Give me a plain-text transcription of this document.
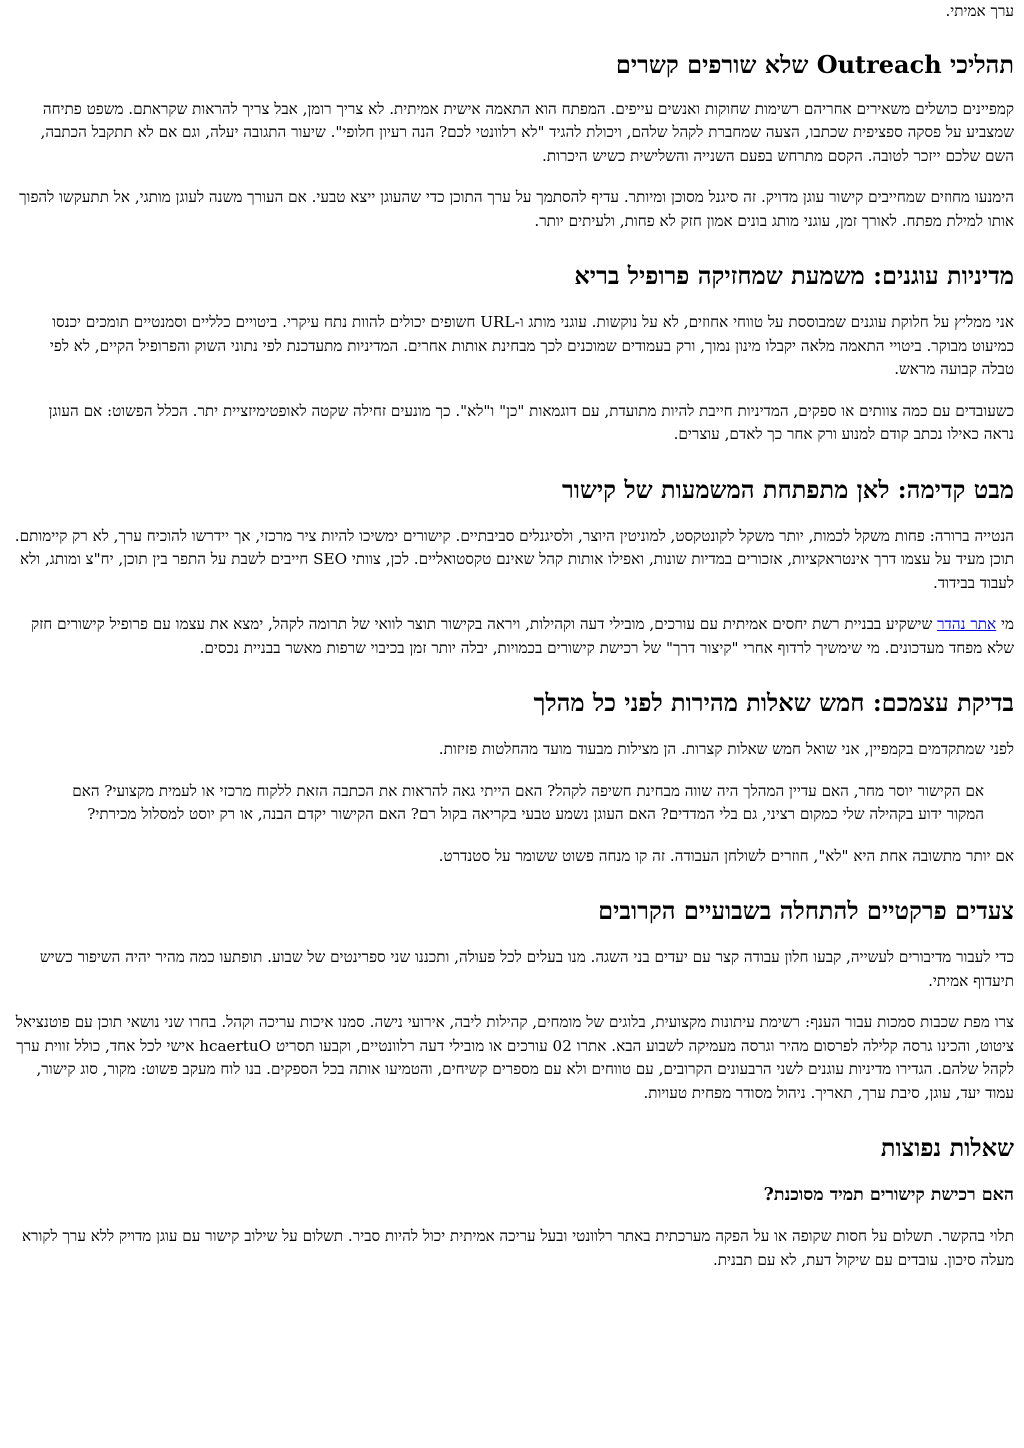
ערך אמיתי.

תהליכי Outreach שלא שורפים קשרים

קמפיינים כושלים משאירים אחריהם רשימות שחוקות ואנשים עייפים. המפתח הוא התאמה אישית אמיתית. לא צריך רומן, אבל צריך להראות שקראתם. משפט פתיחה שמצביע על פסקה ספציפית שכתבו, הצעה שמחברת לקהל שלהם, ויכולת להגיד "לא רלוונטי לכם? הנה רעיון חלופי". שיעור התגובה יעלה, וגם אם לא תתקבל הכתבה, השם שלכם ייזכר לטובה. הקסם מתרחש בפעם השנייה והשלישית כשיש היכרות.

הימנעו מחוזים שמחייבים קישור עוגן מדויק. זה סיגנל מסוכן ומיותר. עדיף להסתמך על ערך התוכן כדי שהעוגן ייצא טבעי. אם העורך משנה לעוגן מותגי, אל תתעקשו להפוך אותו למילת מפתח. לאורך זמן, עוגני מותג בונים אמון חזק לא פחות, ולעיתים יותר.

מדיניות עוגנים: משמעת שמחזיקה פרופיל בריא

אני ממליץ על חלוקת עוגנים שמבוססת על טווחי אחוזים, לא על נוקשות. עוגני מותג ו-URL חשופים יכולים להוות נתח עיקרי. ביטויים כלליים וסמנטיים תומכים יכנסו כמיעוט מבוקר. ביטויי התאמה מלאה יקבלו מינון נמוך, ורק בעמודים שמוכנים לכך מבחינת אותות אחרים. המדיניות מתעדכנת לפי נתוני השוק והפרופיל הקיים, לא לפי טבלה קבועה מראש.

כשעובדים עם כמה צוותים או ספקים, המדיניות חייבת להיות מתועדת, עם דוגמאות "כן" ו"לא". כך מונעים זחילה שקטה לאופטימיזציית יתר. הכלל הפשוט: אם העוגן נראה כאילו נכתב קודם למנוע ורק אחר כך לאדם, עוצרים.

מבט קדימה: לאן מתפתחת המשמעות של קישור

הנטייה ברורה: פחות משקל לכמות, יותר משקל לקונטקסט, למוניטין היוצר, ולסיגנלים סביבתיים. קישורים ימשיכו להיות ציר מרכזי, אך יידרשו להוכיח ערך, לא רק קיימותם. תוכן מעיד על עצמו דרך אינטראקציות, אזכורים במדיות שונות, ואפילו אותות קהל שאינם טקסטואליים. לכן, צוותי SEO חייבים לשבת על התפר בין תוכן, יח"צ ומותג, ולא לעבוד בבידוד.

מי אתר נהדר שישקיע בבניית רשת יחסים אמיתית עם עורכים, מובילי דעה וקהילות, ויראה בקישור תוצר לוואי של תרומה לקהל, ימצא את עצמו עם פרופיל קישורים חזק שלא מפחד מעדכונים. מי שימשיך לרדוף אחרי "קיצור דרך" של רכישת קישורים בכמויות, יבלה יותר זמן בכיבוי שרפות מאשר בבניית נכסים.

בדיקת עצמכם: חמש שאלות מהירות לפני כל מהלך

לפני שמתקדמים בקמפיין, אני שואל חמש שאלות קצרות. הן מצילות מבעוד מועד מהחלטות פזיזות.

אם הקישור יוסר מחר, האם עדיין המהלך היה שווה מבחינת חשיפה לקהל? האם הייתי גאה להראות את הכתבה הזאת ללקוח מרכזי או לעמית מקצועי? האם המקור ידוע בקהילה שלי כמקום רציני, גם בלי המדדים? האם העוגן נשמע טבעי בקריאה בקול רם? האם הקישור יקדם הבנה, או רק יוסט למסלול מכירתי?

אם יותר מתשובה אחת היא "לא", חוזרים לשולחן העבודה. זה קו מנחה פשוט ששומר על סטנדרט.

צעדים פרקטיים להתחלה בשבועיים הקרובים

כדי לעבור מדיבורים לעשייה, קבעו חלון עבודה קצר עם יעדים בני השגה. מנו בעלים לכל פעולה, ותכננו שני ספרינטים של שבוע. תופתעו כמה מהיר יהיה השיפור כשיש תיעדוף אמיתי.

צרו מפת שכבות סמכות עבור הענף: רשימת עיתונות מקצועית, בלוגים של מומחים, קהילות ליבה, אירועי נישה. סמנו איכות עריכה וקהל. בחרו שני נושאי תוכן עם פוטנציאל ציטוט, והכינו גרסה קלילה לפרסום מהיר וגרסה מעמיקה לשבוע הבא. אתרו 02 עורכים או מובילי דעה רלוונטיים, וקבעו תסריט hcaertuO אישי לכל אחד, כולל זווית ערך לקהל שלהם. הגדירו מדיניות עוגנים לשני הרבעונים הקרובים, עם טווחים ולא עם מספרים קשיחים, והטמיעו אותה בכל הספקים. בנו לוח מעקב פשוט: מקור, סוג קישור, עמוד יעד, עוגן, סיבת ערך, תאריך. ניהול מסודר מפחית טעויות.

שאלות נפוצות
האם רכישת קישורים תמיד מסוכנת?

תלוי בהקשר. תשלום על חסות שקופה או על הפקה מערכתית באתר רלוונטי ובעל עריכה אמיתית יכול להיות סביר. תשלום על שילוב קישור עם עוגן מדויק ללא ערך לקורא מעלה סיכון. עובדים עם שיקול דעת, לא עם תבנית.
